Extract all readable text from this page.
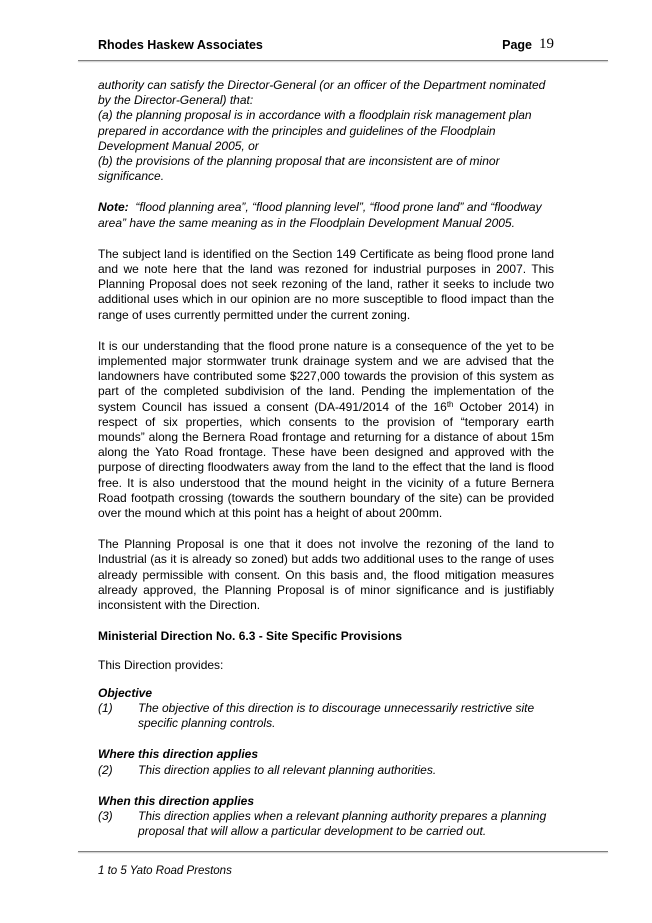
Rhodes Haskew Associates	Page 19

authority can satisfy the Director-General (or an officer of the Department nominated by the Director-General) that:

(a) the planning proposal is in accordance with a floodplain risk management plan prepared in accordance with the principles and guidelines of the Floodplain Development Manual 2005, or

(b) the provisions of the planning proposal that are inconsistent are of minor significance.

Note: “flood planning area”, “flood planning level”, “flood prone land” and “floodway area” have the same meaning as in the Floodplain Development Manual 2005.

The subject land is identified on the Section 149 Certificate as being flood prone land and we note here that the land was rezoned for industrial purposes in 2007. This Planning Proposal does not seek rezoning of the land, rather it seeks to include two additional uses which in our opinion are no more susceptible to flood impact than the range of uses currently permitted under the current zoning.

It is our understanding that the flood prone nature is a consequence of the yet to be implemented major stormwater trunk drainage system and we are advised that the landowners have contributed some $227,000 towards the provision of this system as part of the completed subdivision of the land. Pending the implementation of the system Council has issued a consent (DA-491/2014 of the 16th October 2014) in respect of six properties, which consents to the provision of “temporary earth mounds” along the Bernera Road frontage and returning for a distance of about 15m along the Yato Road frontage. These have been designed and approved with the purpose of directing floodwaters away from the land to the effect that the land is flood free. It is also understood that the mound height in the vicinity of a future Bernera Road footpath crossing (towards the southern boundary of the site) can be provided over the mound which at this point has a height of about 200mm.

The Planning Proposal is one that it does not involve the rezoning of the land to Industrial (as it is already so zoned) but adds two additional uses to the range of uses already permissible with consent. On this basis and, the flood mitigation measures already approved, the Planning Proposal is of minor significance and is justifiably inconsistent with the Direction.

Ministerial Direction No. 6.3 - Site Specific Provisions

This Direction provides:

Objective

(1)	The objective of this direction is to discourage unnecessarily restrictive site specific planning controls.

Where this direction applies

(2)	This direction applies to all relevant planning authorities.

When this direction applies

(3)	This direction applies when a relevant planning authority prepares a planning proposal that will allow a particular development to be carried out.
1 to 5 Yato Road Prestons
